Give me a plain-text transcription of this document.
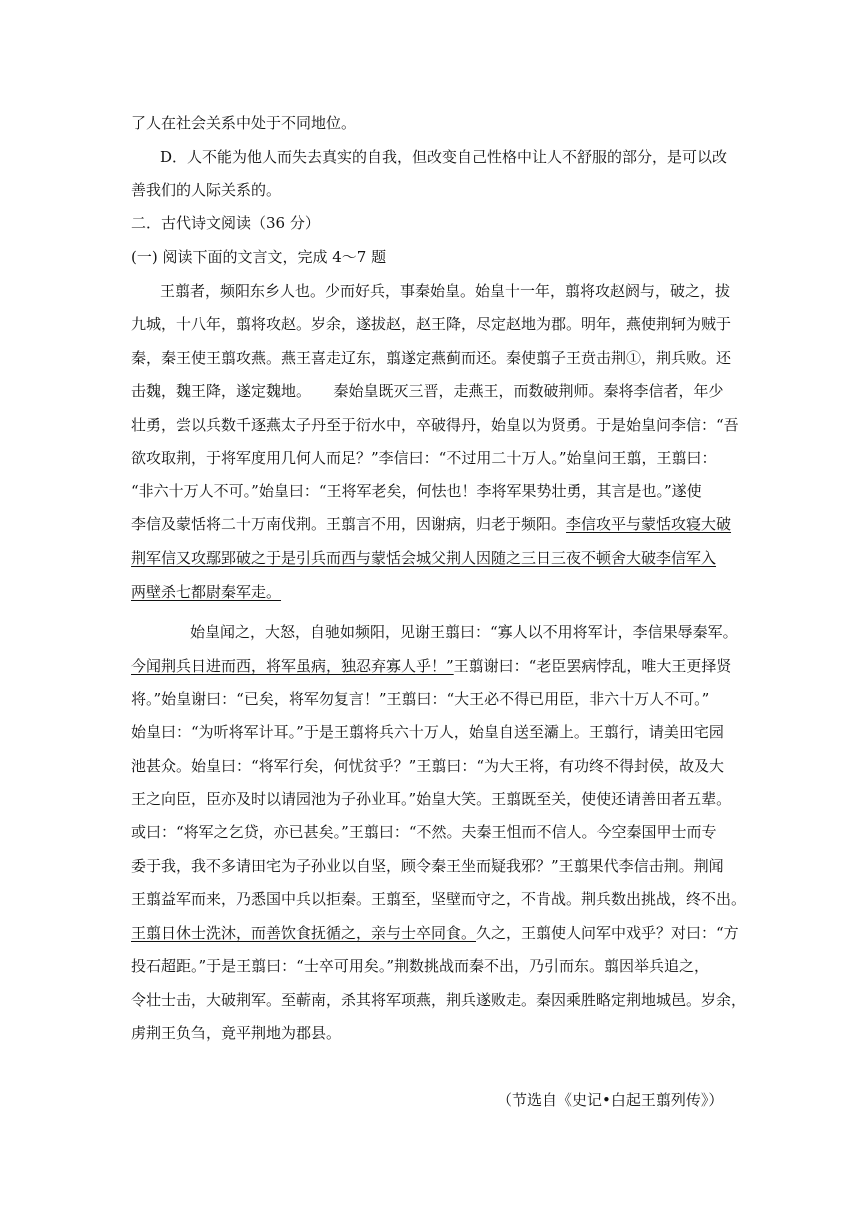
了人在社会关系中处于不同地位。
D．人不能为他人而失去真实的自我，但改变自己性格中让人不舒服的部分，是可以改
善我们的人际关系的。
二．古代诗文阅读（36 分）
(一) 阅读下面的文言文，完成 4～7 题
王翦者，频阳东乡人也。少而好兵，事秦始皇。始皇十一年，翦将攻赵阏与，破之，拔
九城，十八年，翦将攻赵。岁余，遂拔赵，赵王降，尽定赵地为郡。明年，燕使荆轲为贼于
秦，秦王使王翦攻燕。燕王喜走辽东，翦遂定燕蓟而还。秦使翦子王贲击荆①，荆兵败。还
击魏，魏王降，遂定魏地。　　秦始皇既灭三晋，走燕王，而数破荆师。秦将李信者，年少
壮勇，尝以兵数千逐燕太子丹至于衍水中，卒破得丹，始皇以为贤勇。于是始皇问李信：“吾
欲攻取荆，于将军度用几何人而足？”李信曰：“不过用二十万人。”始皇问王翦，王翦曰：
“非六十万人不可。”始皇曰：“王将军老矣，何怯也！李将军果势壮勇，其言是也。”遂使
李信及蒙恬将二十万南伐荆。王翦言不用，因谢病，归老于频阳。李信攻平与蒙恬攻寝大破
荆军信又攻鄢郢破之于是引兵而西与蒙恬会城父荆人因随之三日三夜不顿舍大破李信军入
两壁杀七都尉秦军走。
始皇闻之，大怒，自驰如频阳，见谢王翦曰：“寡人以不用将军计，李信果辱秦军。
今闻荆兵日进而西，将军虽病，独忍弃寡人乎！”王翦谢曰：“老臣罢病悖乱，唯大王更择贤
将。”始皇谢曰：“已矣，将军勿复言！”王翦曰：“大王必不得已用臣，非六十万人不可。”
始皇曰：“为听将军计耳。”于是王翦将兵六十万人，始皇自送至灞上。王翦行，请美田宅园
池甚众。始皇曰：“将军行矣，何忧贫乎？”王翦曰：“为大王将，有功终不得封侯，故及大
王之向臣，臣亦及时以请园池为子孙业耳。”始皇大笑。王翦既至关，使使还请善田者五辈。
或曰：“将军之乞贷，亦已甚矣。”王翦曰：“不然。夫秦王怚而不信人。今空秦国甲士而专
委于我，我不多请田宅为子孙业以自坚，顾令秦王坐而疑我邪？”王翦果代李信击荆。荆闻
王翦益军而来，乃悉国中兵以拒秦。王翦至，坚壁而守之，不肯战。荆兵数出挑战，终不出。
王翦日休士洗沐，而善饮食抚循之，亲与士卒同食。久之，王翦使人问军中戏乎？对曰：“方
投石超距。”于是王翦曰：“士卒可用矣。”荆数挑战而秦不出，乃引而东。翦因举兵追之，
令壮士击，大破荆军。至蕲南，杀其将军项燕，荆兵遂败走。秦因乘胜略定荆地城邑。岁余，
虏荆王负刍，竟平荆地为郡县。
（节选自《史记•白起王翦列传》）
